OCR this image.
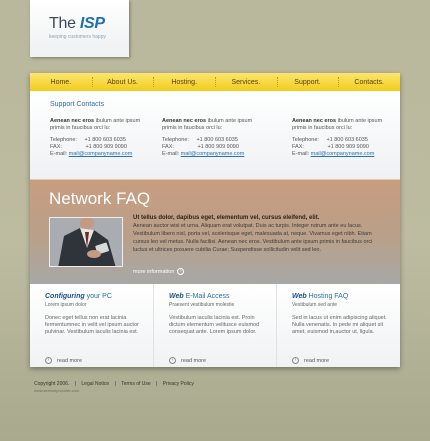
The ISP
keeping customers happy
Home.	About Us.	Hosting.	Services.	Support.	Contacts.
Support Contacts
Aenean nec eros ibulum ante ipsum primis in faucibus orci lu:
Telephone: +1 800 603 6035
FAX:	+1 800 909 9090
E-mail: mail@companyname.com
Aenean nec eros ibulum ante ipsum primis in faucibus orci lu:
Telephone: +1 800 603 6035
FAX:	+1 800 909 9090
E-mail: mail@companyname.com
Aenean nec eros ibulum ante ipsum primis in faucibus orci lu:
Telephone: +1 800 603 6035
FAX:	+1 800 909 9090
E-mail: mail@companyname.com
Network FAQ
Ut tellus dolor, dapibus eget, elementum vel, cursus eleifend, elit.
Aenean auctor wisi et urna. Aliquam erat volutpat. Duis ac turpis. Integer rutrum ante eu lacus. Vestibulum libero nisl, porta vel, scelerisque eget, malesuada at, neque. Vivamus eget nibh. Etiam cursus leo vel metus. Nulla facilisi. Aenean nec eros. Vestibulum ante ipsum primis in faucibus orci luctus et ultrices posuere cubilia Curae; Suspendisse sollicitudin velit sed leo.
more information ›
Configuring your PC
Lorem ipsum dolor
Donec eget tellus non erat lacinia fermentumnec in velit vel ipsum auctor pulvinar. Vestibulum iaculis lacinia est.
› read more
Web E-Mail Access
Praesent vestibulum molestie
Vestibulum iaculis lacinia est. Proin dictum elementum velitusce euismod consequat ante. Lorem ipsum dolor.
› read more
Web Hosting FAQ
Vestibulum sed ante
Sed in lacus ut enim adipiscing aliquet. Nulla venenatis. In pede mi aliquet sit amet, euismod in,auctor ut, ligula.
› read more
Copyright 2006. | Legal Notice | Terms of Use | Privacy Policy
www.serviceprovider.com
